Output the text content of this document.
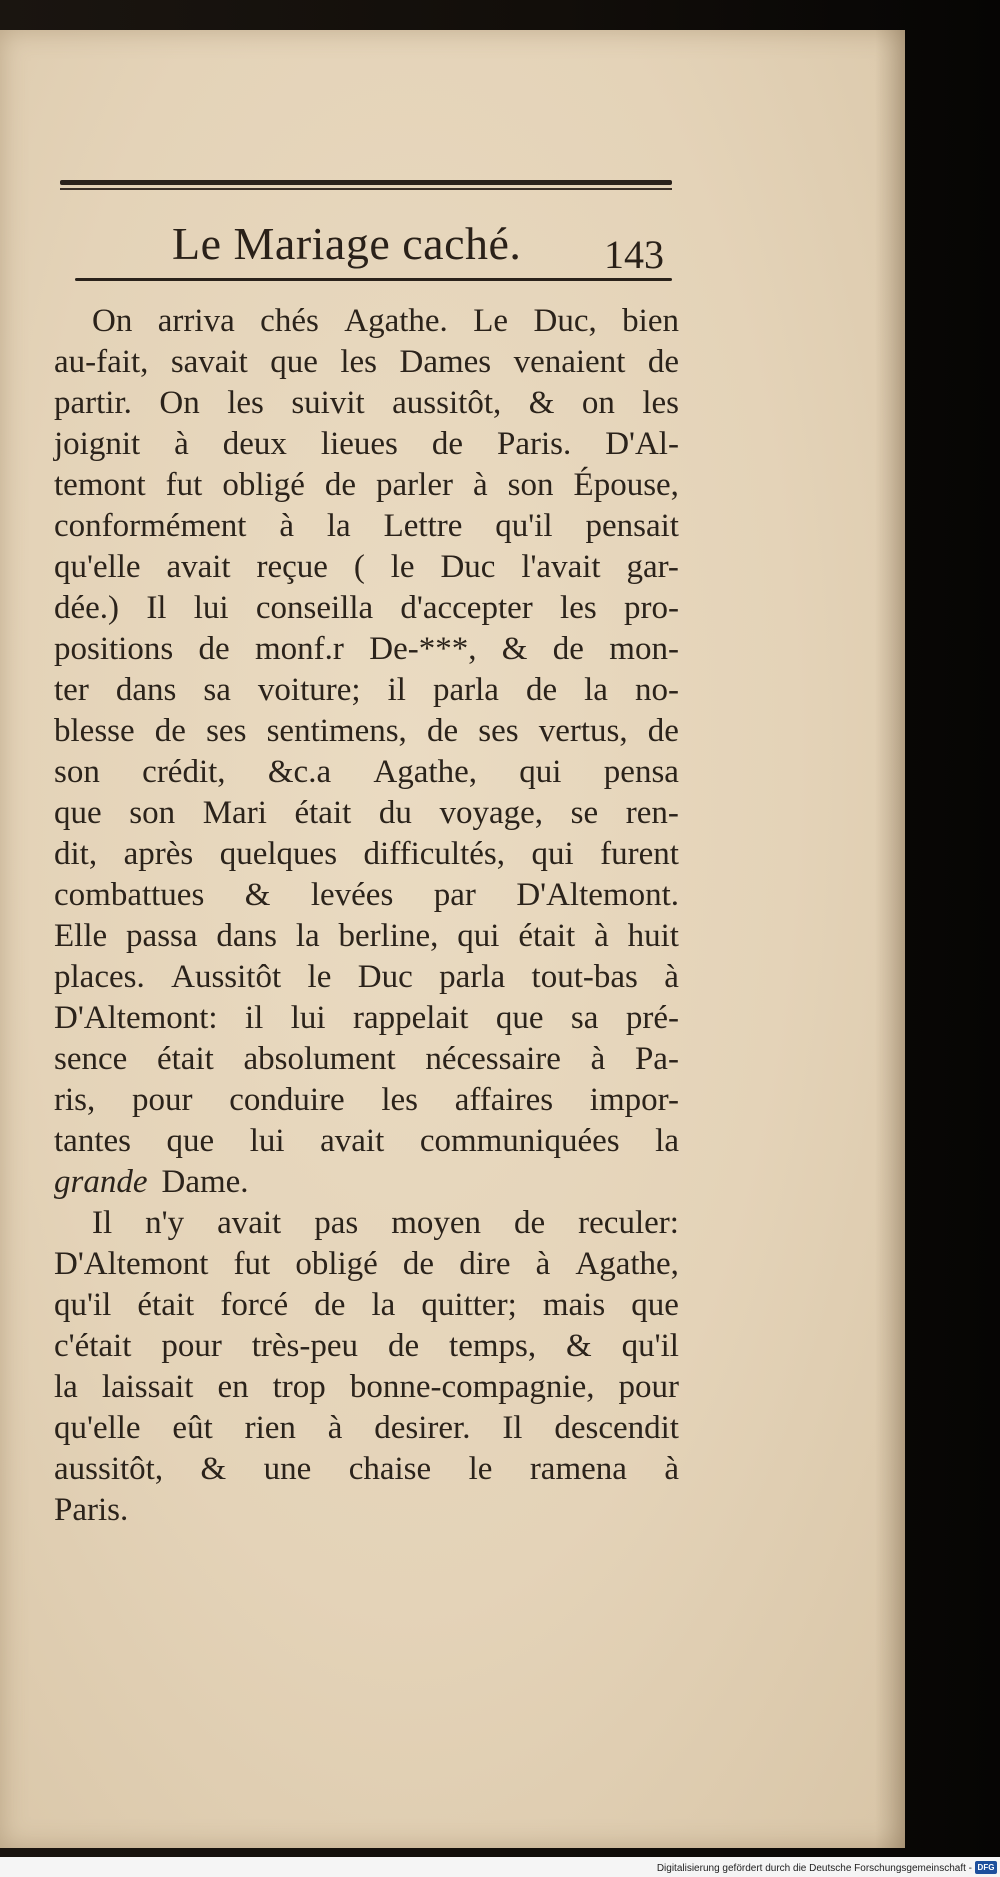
Le Mariage caché. 143
On arriva chés Agathe. Le Duc, bien
au-fait, savait que les Dames venaient de
partir. On les suivit aussitôt, & on les
joignit à deux lieues de Paris. D'Al-
temont fut obligé de parler à son Épouse,
conformément à la Lettre qu'il pensait
qu'elle avait reçue ( le Duc l'avait gar-
dée.) Il lui conseilla d'accepter les pro-
positions de monf.r De-***, & de mon-
ter dans sa voiture; il parla de la no-
blesse de ses sentimens, de ses vertus, de
son crédit, &c.a Agathe, qui pensa
que son Mari était du voyage, se ren-
dit, après quelques difficultés, qui furent
combattues & levées par D'Altemont.
Elle passa dans la berline, qui était à huit
places. Aussitôt le Duc parla tout-bas à
D'Altemont: il lui rappelait que sa pré-
sence était absolument nécessaire à Pa-
ris, pour conduire les affaires impor-
tantes que lui avait communiquées la
grande Dame.
Il n'y avait pas moyen de reculer:
D'Altemont fut obligé de dire à Agathe,
qu'il était forcé de la quitter; mais que
c'était pour très-peu de temps, & qu'il
la laissait en trop bonne-compagnie, pour
qu'elle eût rien à desirer. Il descendit
aussitôt, & une chaise le ramena à
Paris.
Digitalisierung gefördert durch die Deutsche Forschungsgemeinschaft - DFG
